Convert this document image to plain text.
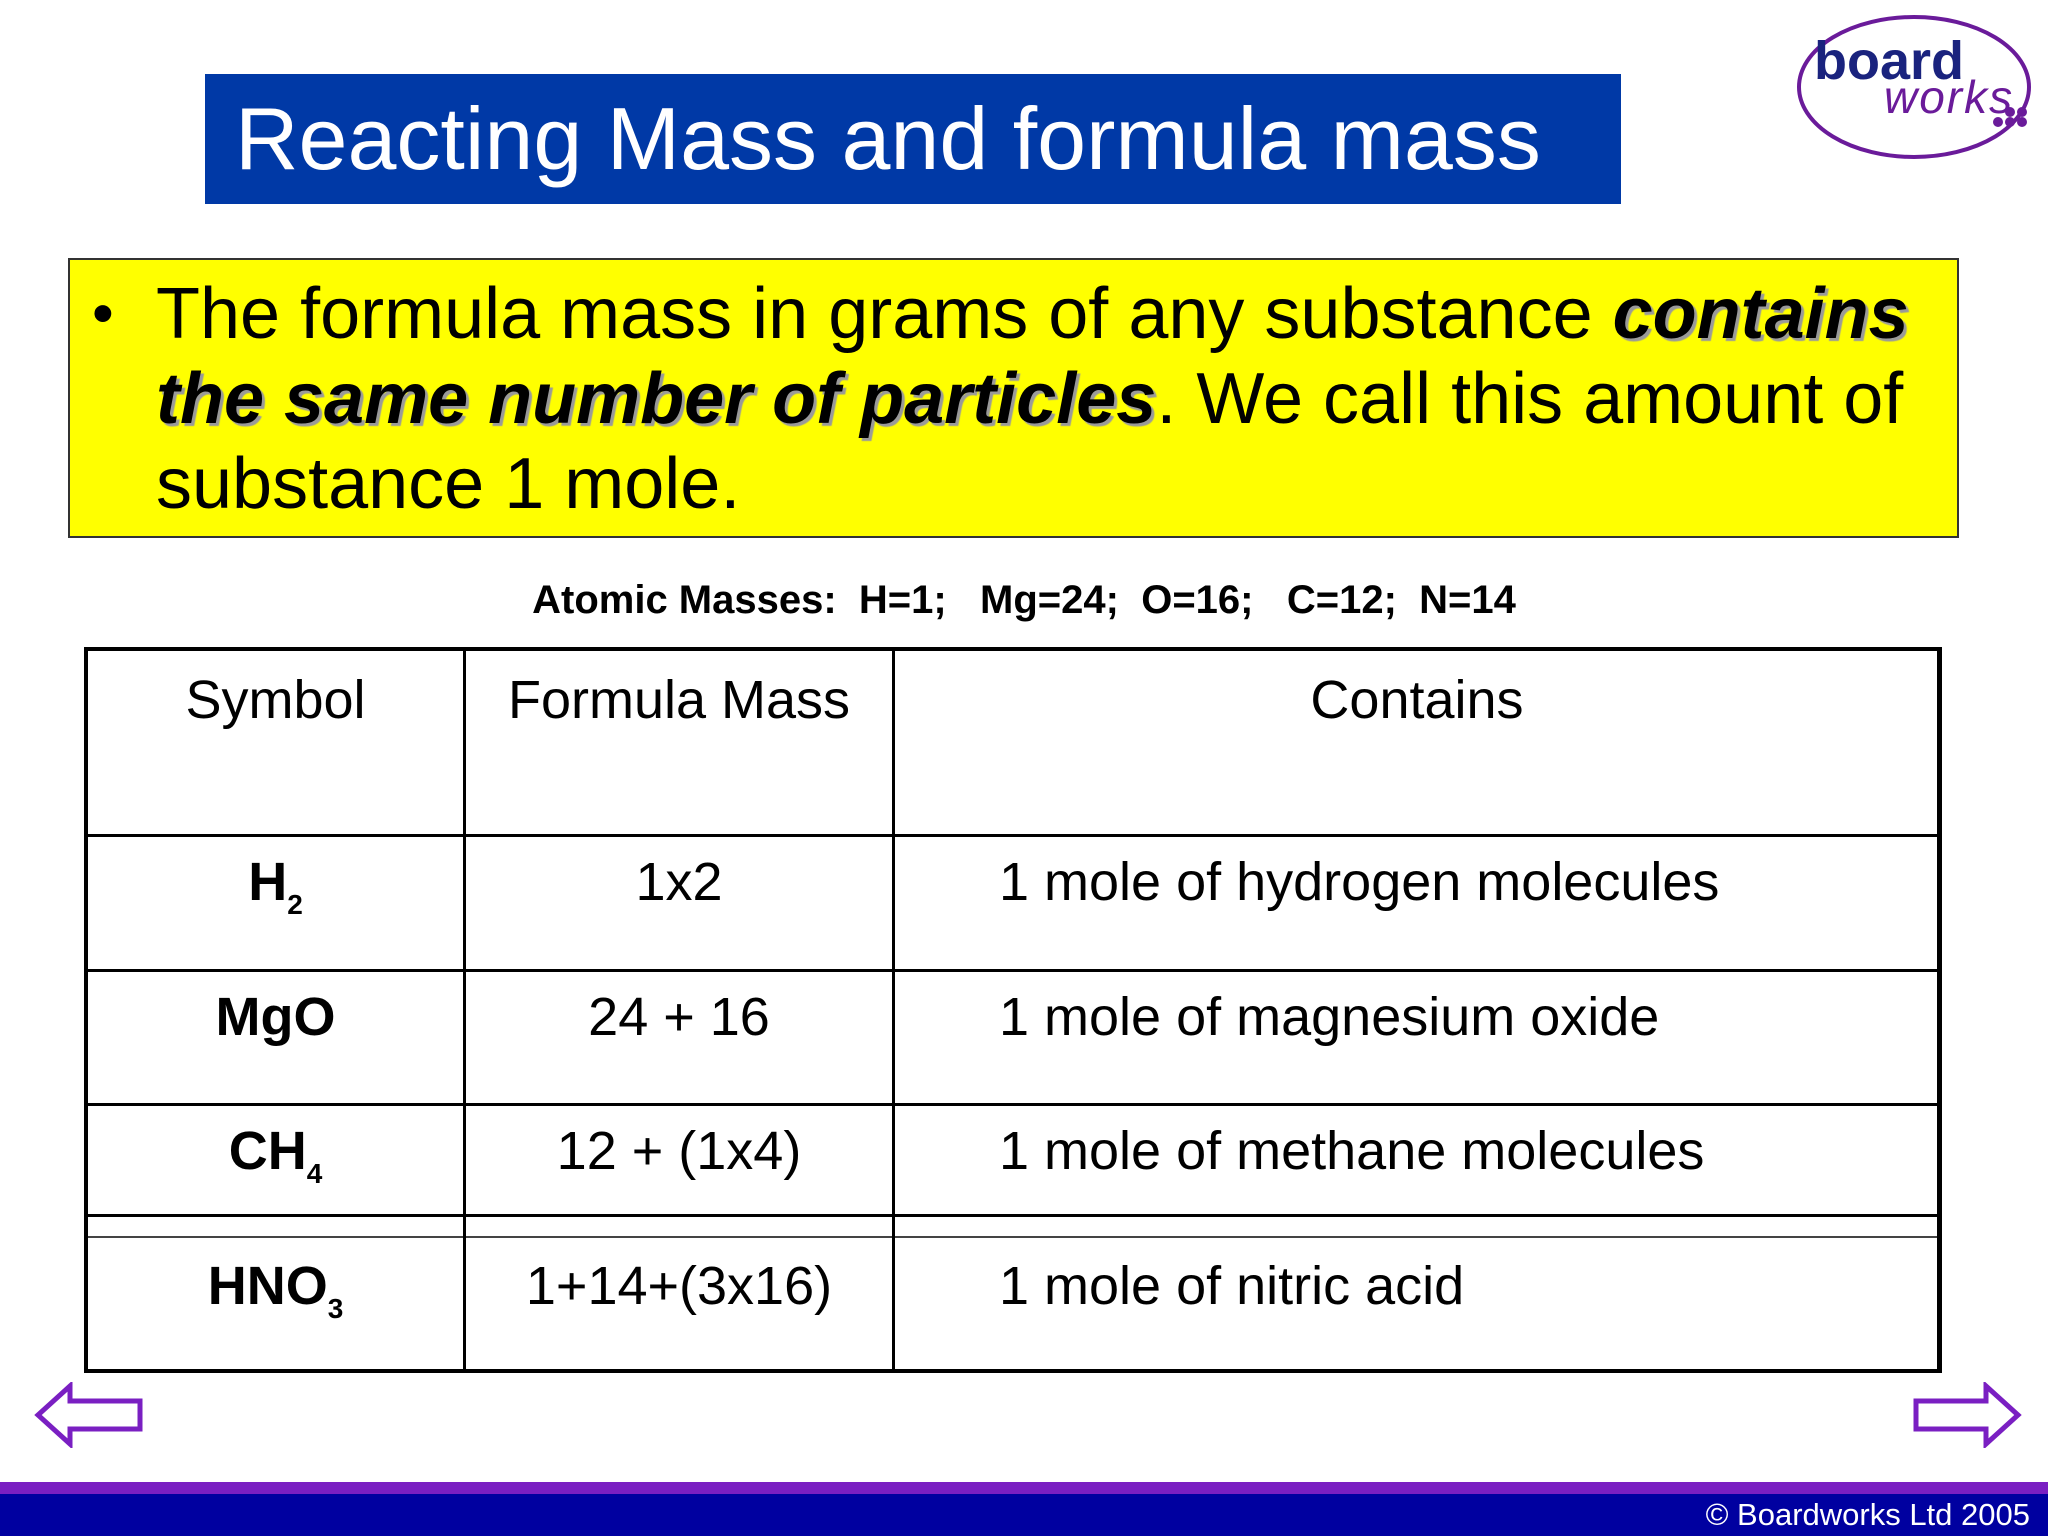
Reacting Mass and formula mass
board
works
• The formula mass in grams of any substance contains the same number of particles. We call this amount of substance 1 mole.
Atomic Masses:  H=1;   Mg=24;  O=16;   C=12;  N=14
Symbol	Formula Mass	Contains
$H_2$	1x2	1 mole of hydrogen molecules
MgO	24 + 16	1 mole of magnesium oxide
$CH_4$	12 + (1x4)	1 mole of methane molecules
$HNO_3$	1+14+(3x16)	1 mole of nitric acid
© Boardworks Ltd 2005
